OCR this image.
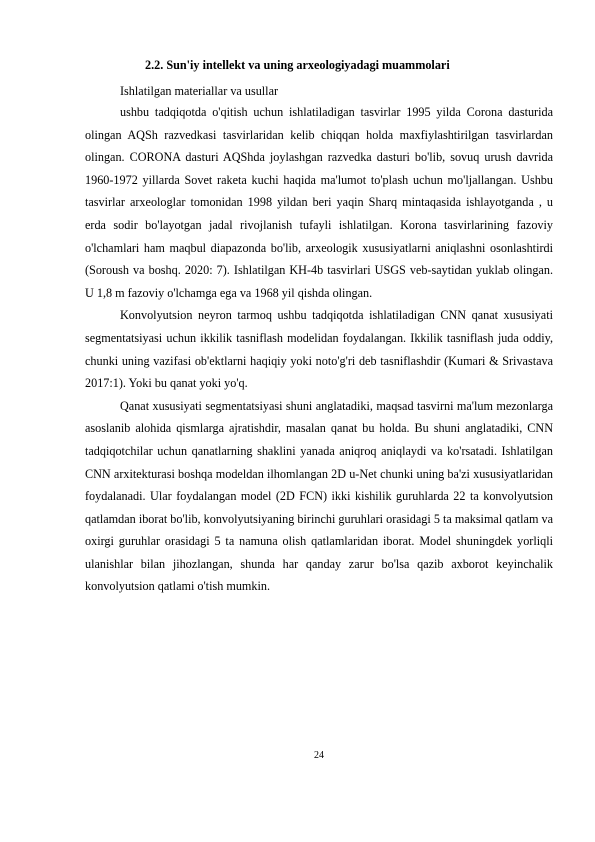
2.2. Sun'iy intellekt va uning arxeologiyadagi muammolari

Ishlatilgan materiallar va usullar

ushbu tadqiqotda o'qitish uchun ishlatiladigan tasvirlar 1995 yilda Corona dasturida olingan AQSh razvedkasi tasvirlaridan kelib chiqqan holda maxfiylashtirilgan tasvirlardan olingan. CORONA dasturi AQShda joylashgan razvedka dasturi bo'lib, sovuq urush davrida 1960-1972 yillarda Sovet raketa kuchi haqida ma'lumot to'plash uchun mo'ljallangan. Ushbu tasvirlar arxeologlar tomonidan 1998 yildan beri yaqin Sharq mintaqasida ishlayotganda , u erda sodir bo'layotgan jadal rivojlanish tufayli ishlatilgan. Korona tasvirlarining fazoviy o'lchamlari ham maqbul diapazonda bo'lib, arxeologik xususiyatlarni aniqlashni osonlashtirdi (Soroush va boshq. 2020: 7). Ishlatilgan KH-4b tasvirlari USGS veb-saytidan yuklab olingan. U 1,8 m fazoviy o'lchamga ega va 1968 yil qishda olingan.

Konvolyutsion neyron tarmoq ushbu tadqiqotda ishlatiladigan CNN qanat xususiyati segmentatsiyasi uchun ikkilik tasniflash modelidan foydalangan. Ikkilik tasniflash juda oddiy, chunki uning vazifasi ob'ektlarni haqiqiy yoki noto'g'ri deb tasniflashdir (Kumari & Srivastava 2017:1). Yoki bu qanat yoki yo'q.

Qanat xususiyati segmentatsiyasi shuni anglatadiki, maqsad tasvirni ma'lum mezonlarga asoslanib alohida qismlarga ajratishdir, masalan qanat bu holda. Bu shuni anglatadiki, CNN tadqiqotchilar uchun qanatlarning shaklini yanada aniqroq aniqlaydi va ko'rsatadi. Ishlatilgan CNN arxitekturasi boshqa modeldan ilhomlangan 2D u-Net chunki uning ba'zi xususiyatlaridan foydalanadi. Ular foydalangan model (2D FCN) ikki kishilik guruhlarda 22 ta konvolyutsion qatlamdan iborat bo'lib, konvolyutsiyaning birinchi guruhlari orasidagi 5 ta maksimal qatlam va oxirgi guruhlar orasidagi 5 ta namuna olish qatlamlaridan iborat. Model shuningdek yorliqli ulanishlar bilan jihozlangan, shunda har qanday zarur bo'lsa qazib axborot keyinchalik konvolyutsion qatlami o'tish mumkin.

24
